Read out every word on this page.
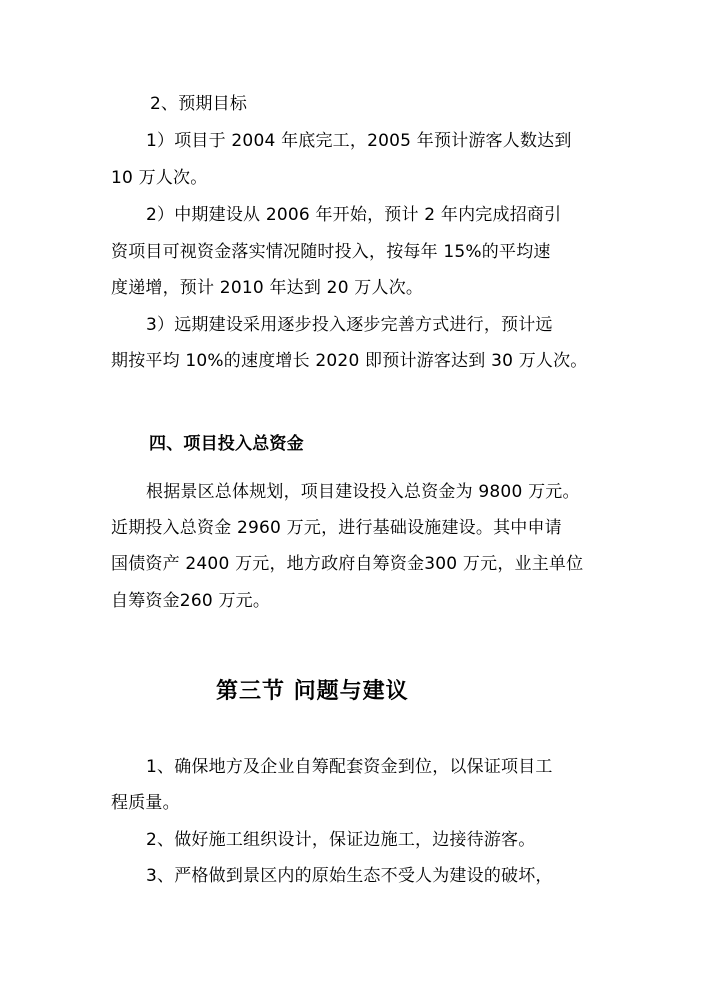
2、预期目标
1）项目于 2004 年底完工，2005 年预计游客人数达到
10 万人次。
2）中期建设从 2006 年开始，预计 2 年内完成招商引
资项目可视资金落实情况随时投入，按每年 15%的平均速
度递增，预计 2010 年达到 20 万人次。
3）远期建设采用逐步投入逐步完善方式进行，预计远
期按平均 10%的速度增长 2020 即预计游客达到 30 万人次。
四、项目投入总资金
根据景区总体规划，项目建设投入总资金为 9800 万元。
近期投入总资金 2960 万元，进行基础设施建设。其中申请
国债资产 2400 万元，地方政府自筹资金300 万元，业主单位
自筹资金260 万元。
第三节 问题与建议
1、确保地方及企业自筹配套资金到位，以保证项目工
程质量。
2、做好施工组织设计，保证边施工，边接待游客。
3、严格做到景区内的原始生态不受人为建设的破坏，
